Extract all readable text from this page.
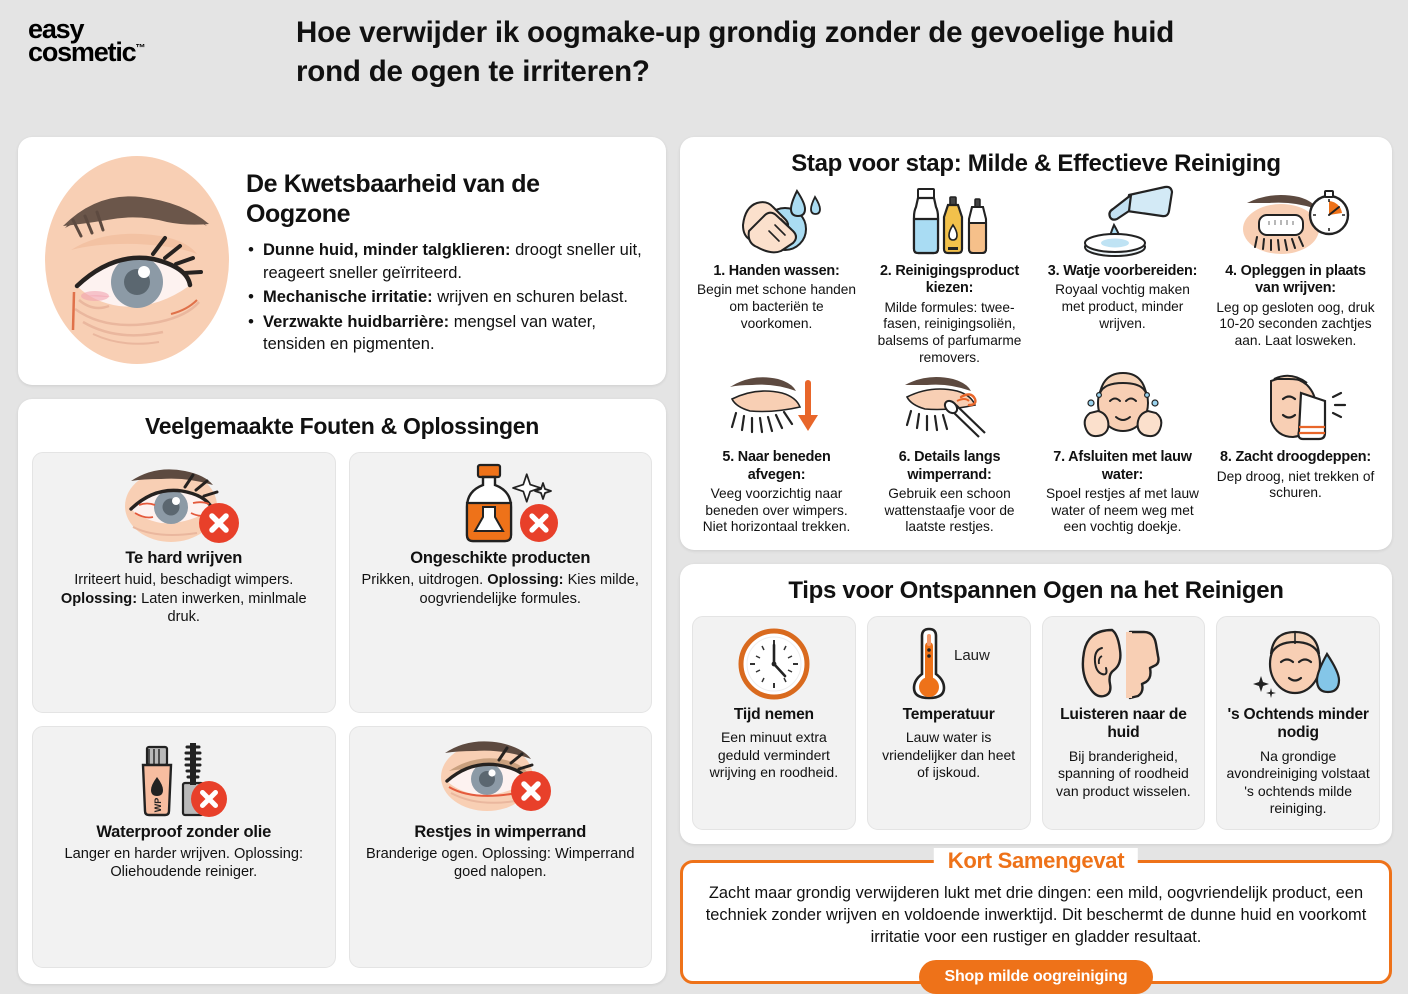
easy
cosmetic™	Hoe verwijder ik oogmake-up grondig zonder de gevoelige huid rond de ogen te irriteren?
De Kwetsbaarheid van de Oogzone
• Dunne huid, minder talgklieren: droogt sneller uit, reageert sneller geïrriteerd.
• Mechanische irritatie: wrijven en schuren belast.
• Verzwakte huidbarrière: mengsel van water, tensiden en pigmenten.
Veelgemaakte Fouten & Oplossingen
Te hard wrijven
Irriteert huid, beschadigt wimpers. Oplossing: Laten inwerken, minlmale druk.
Ongeschikte producten
Prikken, uitdrogen. Oplossing: Kies milde, oogvriendelijke formules.
WP
Waterproof zonder olie
Langer en harder wrijven. Oplossing: Oliehoudende reiniger.
Restjes in wimperrand
Branderige ogen. Oplossing: Wimperrand goed nalopen.
Stap voor stap: Milde & Effectieve Reiniging
1. Handen wassen:
Begin met schone handen om bacteriën te voorkomen.
2. Reinigingsproduct kiezen:
Milde formules: twee-fasen, reinigingsoliën, balsems of parfumarme removers.
3. Watje voorbereiden:
Royaal vochtig maken met product, minder wrijven.
4. Opleggen in plaats van wrijven:
Leg op gesloten oog, druk 10-20 seconden zachtjes aan. Laat losweken.
5. Naar beneden afvegen:
Veeg voorzichtig naar beneden over wimpers. Niet horizontaal trekken.
6. Details langs wimperrand:
Gebruik een schoon wattenstaafje voor de laatste restjes.
7. Afsluiten met lauw water:
Spoel restjes af met lauw water of neem weg met een vochtig doekje.
8. Zacht droogdeppen:
Dep droog, niet trekken of schuren.
Tips voor Ontspannen Ogen na het Reinigen
Tijd nemen
Een minuut extra geduld vermindert wrijving en roodheid.
Lauw
Temperatuur
Lauw water is vriendelijker dan heet of ijskoud.
Luisteren naar de huid
Bij branderigheid, spanning of roodheid van product wisselen.
's Ochtends minder nodig
Na grondige avondreiniging volstaat 's ochtends milde reiniging.
Kort Samengevat
Zacht maar grondig verwijderen lukt met drie dingen: een mild, oogvriendelijk product, een techniek zonder wrijven en voldoende inwerktijd. Dit beschermt de dunne huid en voorkomt irritatie voor een rustiger en gladder resultaat.
Shop milde oogreiniging
